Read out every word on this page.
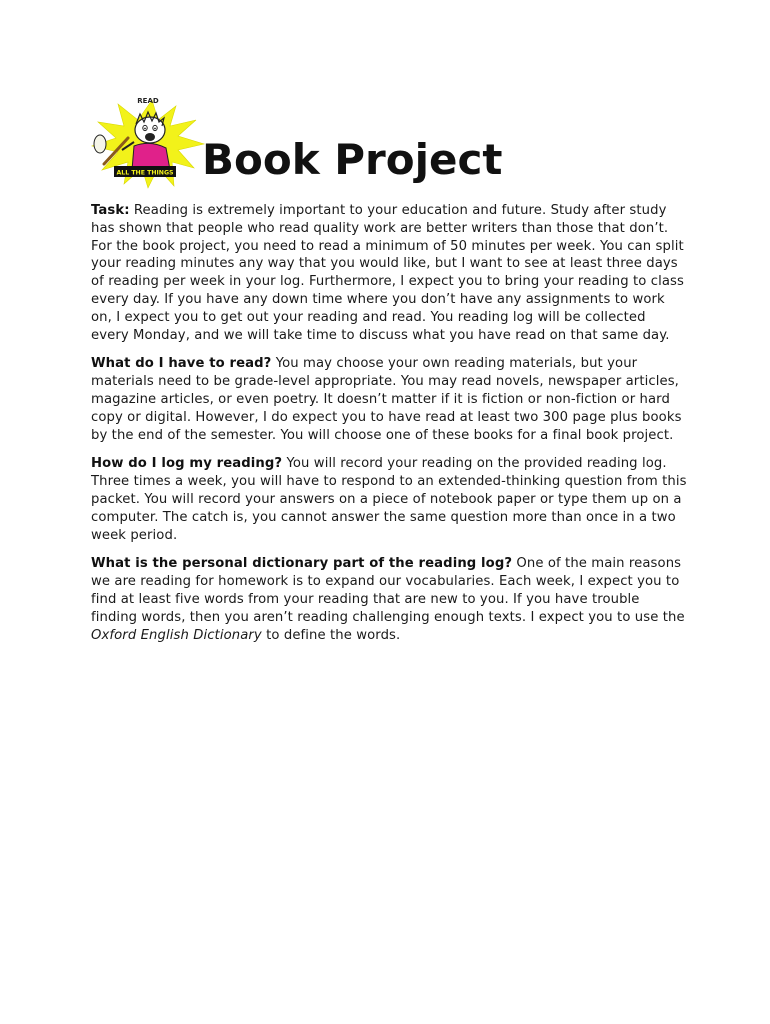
READ
ALL THE THINGS Book Project

Task: Reading is extremely important to your education and future. Study after study has shown that people who read quality work are better writers than those that don’t. For the book project, you need to read a minimum of 50 minutes per week. You can split your reading minutes any way that you would like, but I want to see at least three days of reading per week in your log. Furthermore, I expect you to bring your reading to class every day. If you have any down time where you don’t have any assignments to work on, I expect you to get out your reading and read. You reading log will be collected every Monday, and we will take time to discuss what you have read on that same day.

What do I have to read? You may choose your own reading materials, but your materials need to be grade-level appropriate. You may read novels, newspaper articles, magazine articles, or even poetry. It doesn’t matter if it is fiction or non-fiction or hard copy or digital. However, I do expect you to have read at least two 300 page plus books by the end of the semester. You will choose one of these books for a final book project.

How do I log my reading? You will record your reading on the provided reading log. Three times a week, you will have to respond to an extended-thinking question from this packet. You will record your answers on a piece of notebook paper or type them up on a computer. The catch is, you cannot answer the same question more than once in a two week period.

What is the personal dictionary part of the reading log? One of the main reasons we are reading for homework is to expand our vocabularies. Each week, I expect you to find at least five words from your reading that are new to you. If you have trouble finding words, then you aren’t reading challenging enough texts. I expect you to use the Oxford English Dictionary to define the words.
